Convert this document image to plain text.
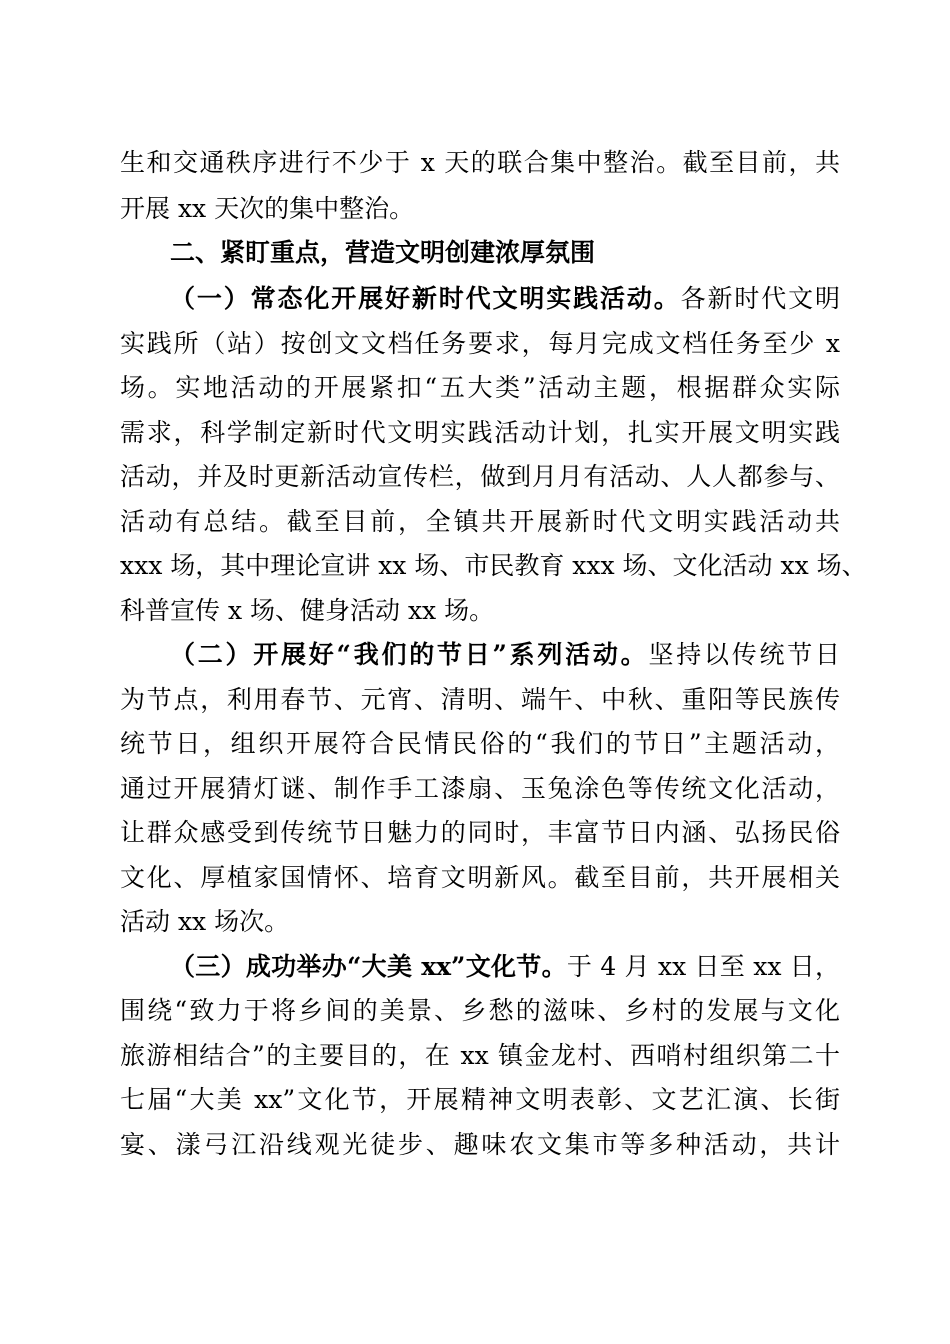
生和交通秩序进行不少于 x 天的联合集中整治。截至目前，共
开展 xx 天次的集中整治。
二、紧盯重点，营造文明创建浓厚氛围
（一）常态化开展好新时代文明实践活动。各新时代文明
实践所（站）按创文文档任务要求，每月完成文档任务至少 x
场。实地活动的开展紧扣“五大类”活动主题，根据群众实际
需求，科学制定新时代文明实践活动计划，扎实开展文明实践
活动，并及时更新活动宣传栏，做到月月有活动、人人都参与、
活动有总结。截至目前，全镇共开展新时代文明实践活动共
xxx 场，其中理论宣讲 xx 场、市民教育 xxx 场、文化活动 xx 场、
科普宣传 x 场、健身活动 xx 场。
（二）开展好“我们的节日”系列活动。坚持以传统节日
为节点，利用春节、元宵、清明、端午、中秋、重阳等民族传
统节日，组织开展符合民情民俗的“我们的节日”主题活动，
通过开展猜灯谜、制作手工漆扇、玉兔涂色等传统文化活动，
让群众感受到传统节日魅力的同时，丰富节日内涵、弘扬民俗
文化、厚植家国情怀、培育文明新风。截至目前，共开展相关
活动 xx 场次。
（三）成功举办“大美 xx”文化节。于 4 月 xx 日至 xx 日，
围绕“致力于将乡间的美景、乡愁的滋味、乡村的发展与文化
旅游相结合”的主要目的，在 xx 镇金龙村、西哨村组织第二十
七届“大美 xx”文化节，开展精神文明表彰、文艺汇演、长街
宴、漾弓江沿线观光徒步、趣味农文集市等多种活动，共计
